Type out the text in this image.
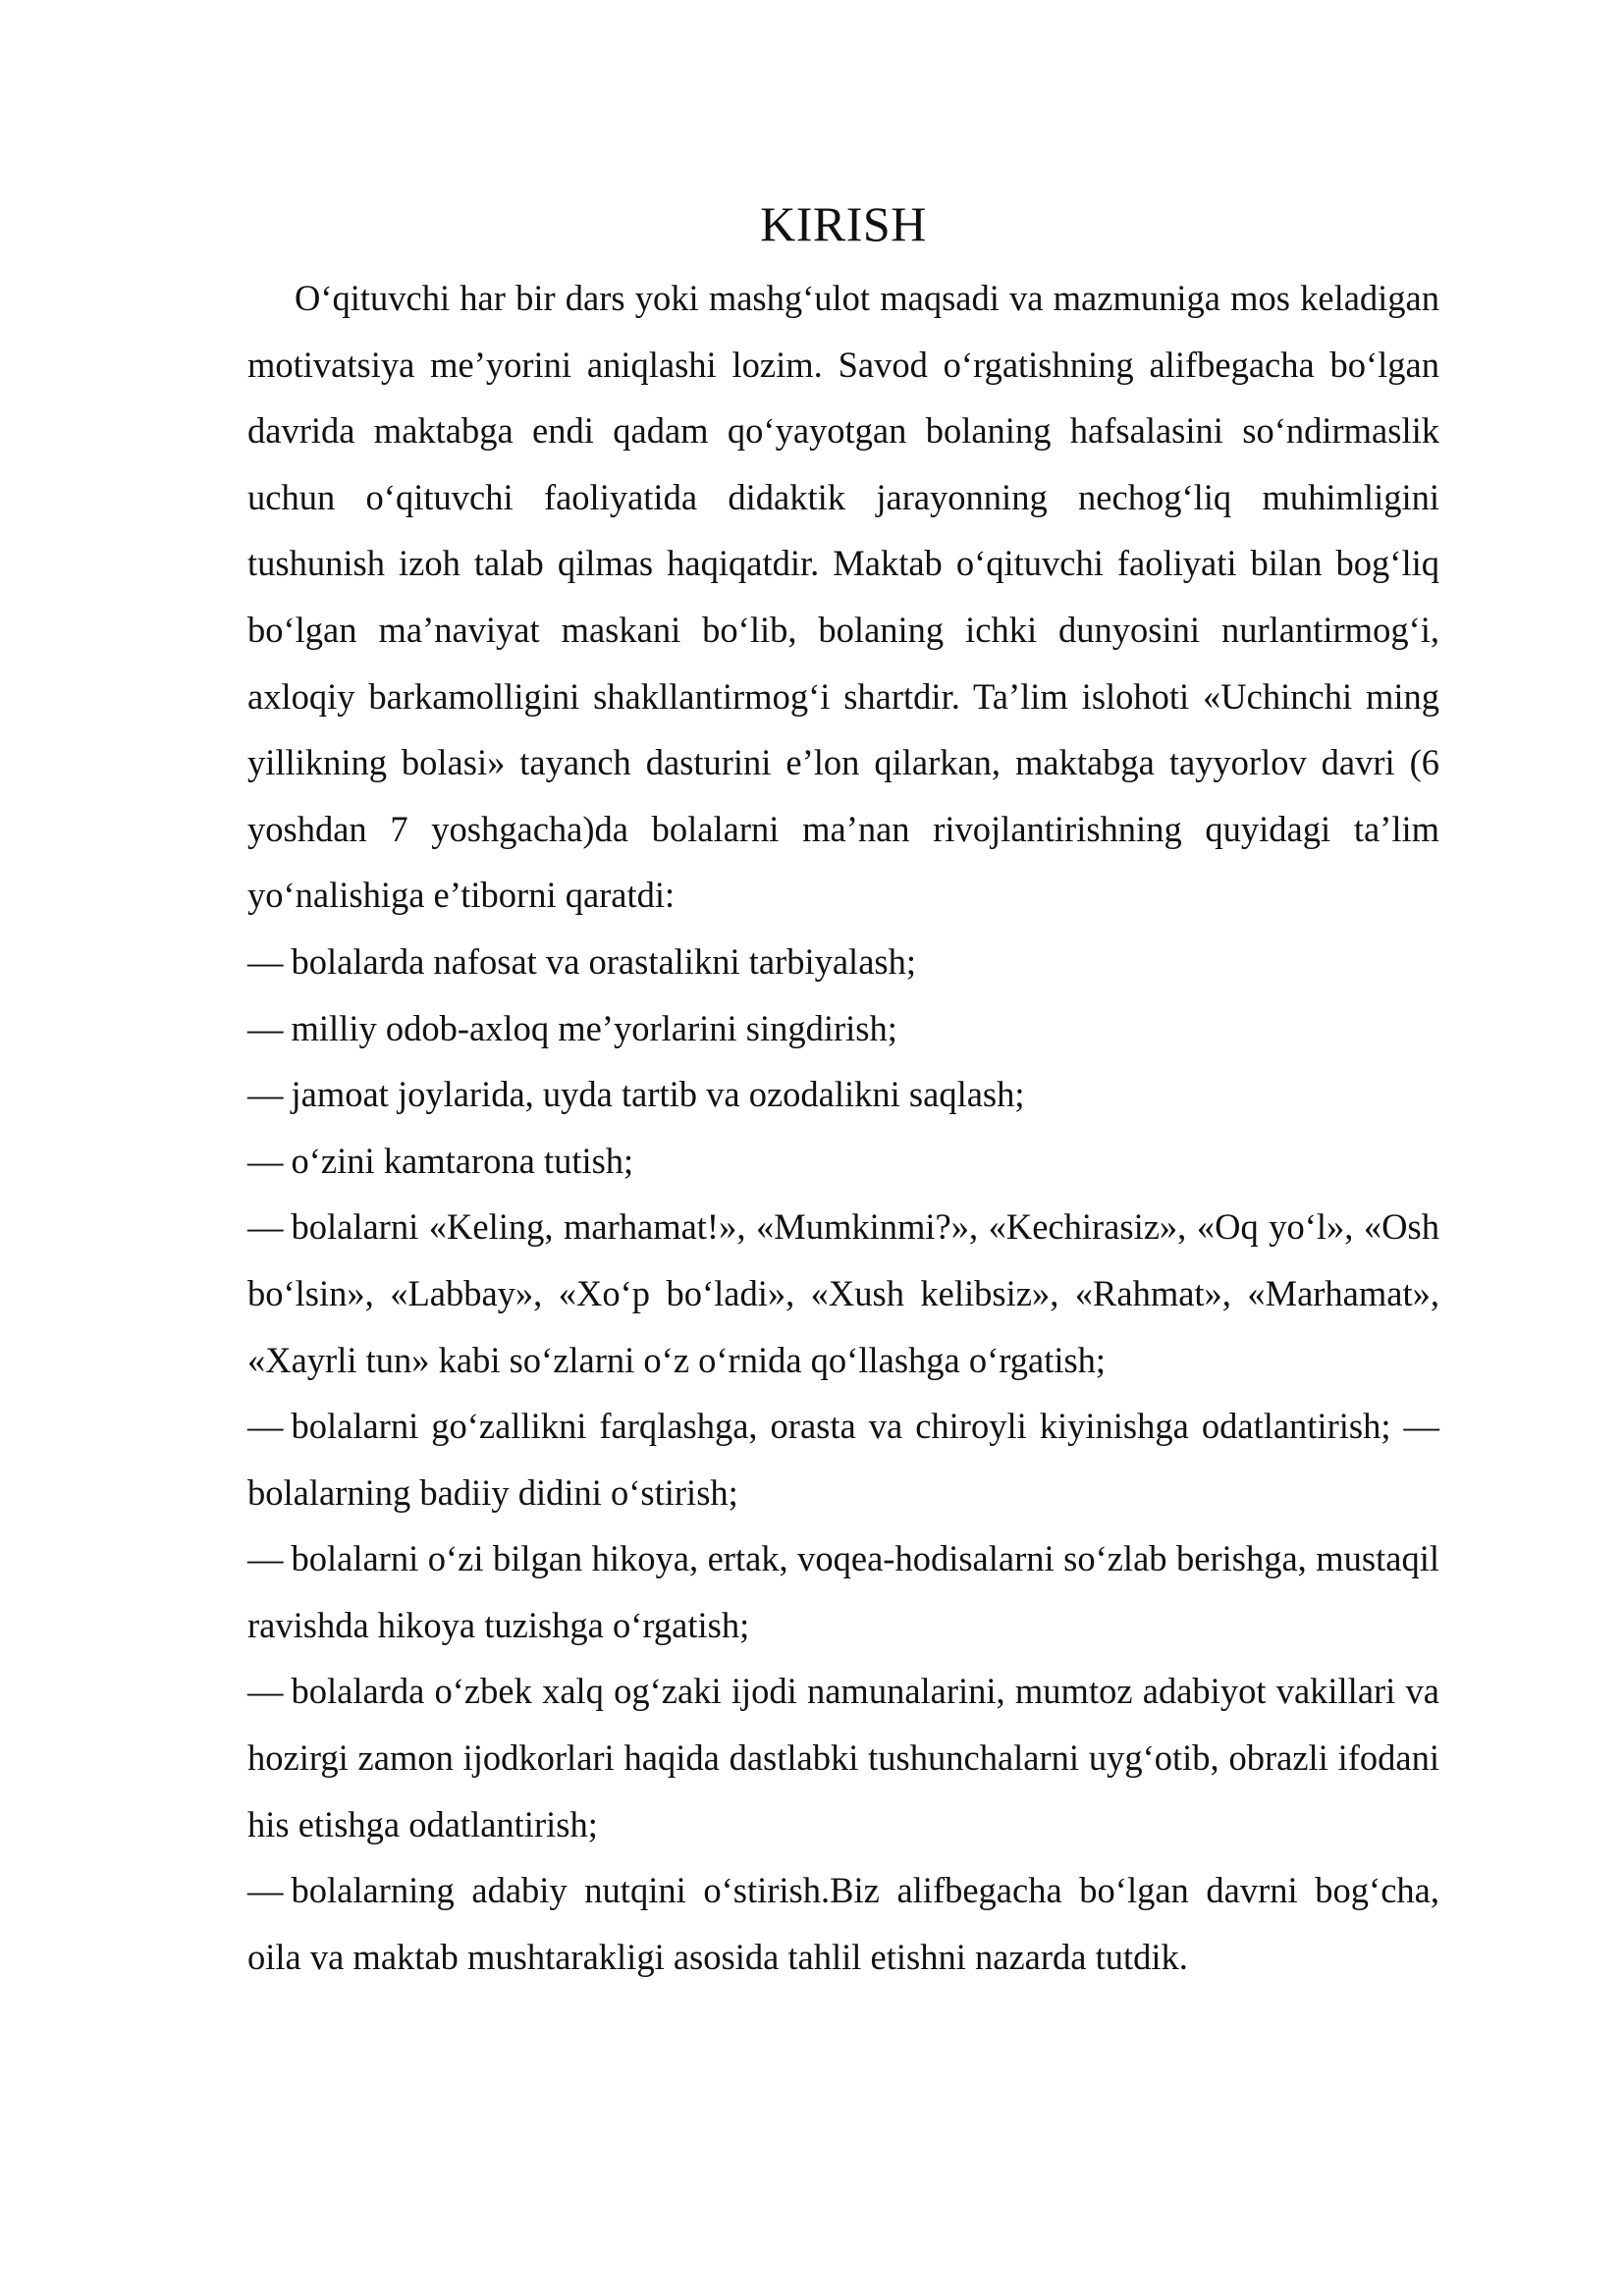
KIRISH

O‘qituvchi har bir dars yoki mashg‘ulot maqsadi va mazmuniga mos keladigan motivatsiya me’yorini aniqlashi lozim. Savod o‘rgatishning alifbegacha bo‘lgan davrida maktabga endi qadam qo‘yayotgan bolaning hafsalasini so‘ndirmaslik uchun o‘qituvchi faoliyatida didaktik jarayonning nechog‘liq muhimligini tushunish izoh talab qilmas haqiqatdir. Maktab o‘qituvchi faoliyati bilan bog‘liq bo‘lgan ma’naviyat maskani bo‘lib, bolaning ichki dunyosini nurlantirmog‘i, axloqiy barkamolligini shakllantirmog‘i shartdir. Ta’lim islohoti «Uchinchi ming yillikning bolasi» tayanch dasturini e’lon qilarkan, maktabga tayyorlov davri (6 yoshdan 7 yoshgacha)da bolalarni ma’nan rivojlantirishning quyidagi ta’lim yo‘nalishiga e’tiborni qaratdi:

— bolalarda nafosat va orastalikni tarbiyalash;
— milliy odob-axloq me’yorlarini singdirish;
— jamoat joylarida, uyda tartib va ozodalikni saqlash;
— o‘zini kamtarona tutish;
— bolalarni «Keling, marhamat!», «Mumkinmi?», «Kechirasiz», «Oq yo‘l», «Osh bo‘lsin», «Labbay», «Xo‘p bo‘ladi», «Xush kelibsiz», «Rahmat», «Marhamat», «Xayrli tun» kabi so‘zlarni o‘z o‘rnida qo‘llashga o‘rgatish;
— bolalarni go‘zallikni farqlashga, orasta va chiroyli kiyinishga odatlantirish; — bolalarning badiiy didini o‘stirish;
— bolalarni o‘zi bilgan hikoya, ertak, voqea-hodisalarni so‘zlab berishga, mustaqil ravishda hikoya tuzishga o‘rgatish;
— bolalarda o‘zbek xalq og‘zaki ijodi namunalarini, mumtoz adabiyot vakillari va hozirgi zamon ijodkorlari haqida dastlabki tushunchalarni uyg‘otib, obrazli ifodani his etishga odatlantirish;
— bolalarning adabiy nutqini o‘stirish.Biz alifbegacha bo‘lgan davrni bog‘cha, oila va maktab mushtarakligi asosida tahlil etishni nazarda tutdik.
